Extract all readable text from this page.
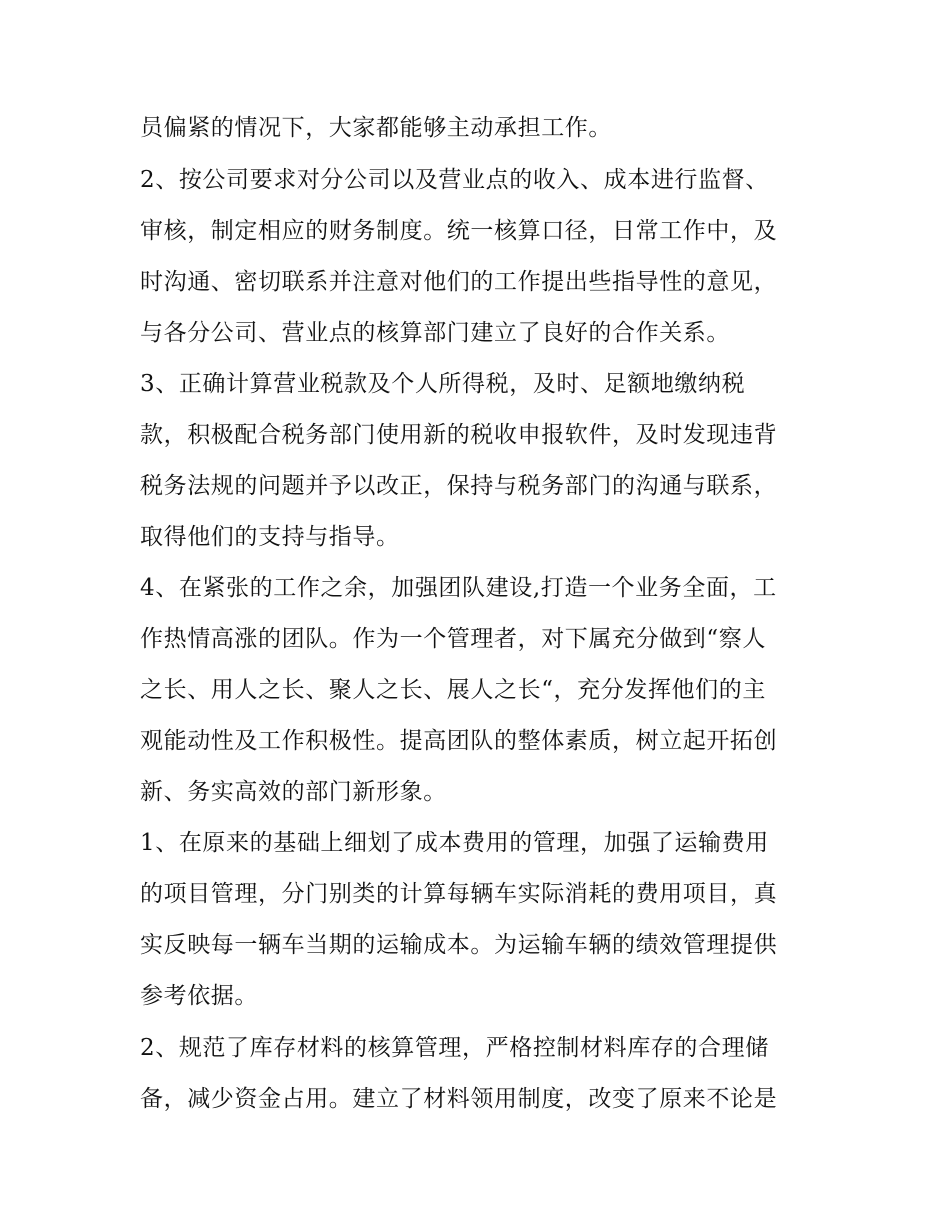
员偏紧的情况下，大家都能够主动承担工作。
2、按公司要求对分公司以及营业点的收入、成本进行监督、
审核，制定相应的财务制度。统一核算口径，日常工作中，及
时沟通、密切联系并注意对他们的工作提出些指导性的意见，
与各分公司、营业点的核算部门建立了良好的合作关系。
3、正确计算营业税款及个人所得税，及时、足额地缴纳税
款，积极配合税务部门使用新的税收申报软件，及时发现违背
税务法规的问题并予以改正，保持与税务部门的沟通与联系，
取得他们的支持与指导。
4、在紧张的工作之余，加强团队建设,打造一个业务全面，工
作热情高涨的团队。作为一个管理者，对下属充分做到“察人
之长、用人之长、聚人之长、展人之长“，充分发挥他们的主
观能动性及工作积极性。提高团队的整体素质，树立起开拓创
新、务实高效的部门新形象。
1、在原来的基础上细划了成本费用的管理，加强了运输费用
的项目管理，分门别类的计算每辆车实际消耗的费用项目，真
实反映每一辆车当期的运输成本。为运输车辆的绩效管理提供
参考依据。
2、规范了库存材料的核算管理，严格控制材料库存的合理储
备，减少资金占用。建立了材料领用制度，改变了原来不论是
